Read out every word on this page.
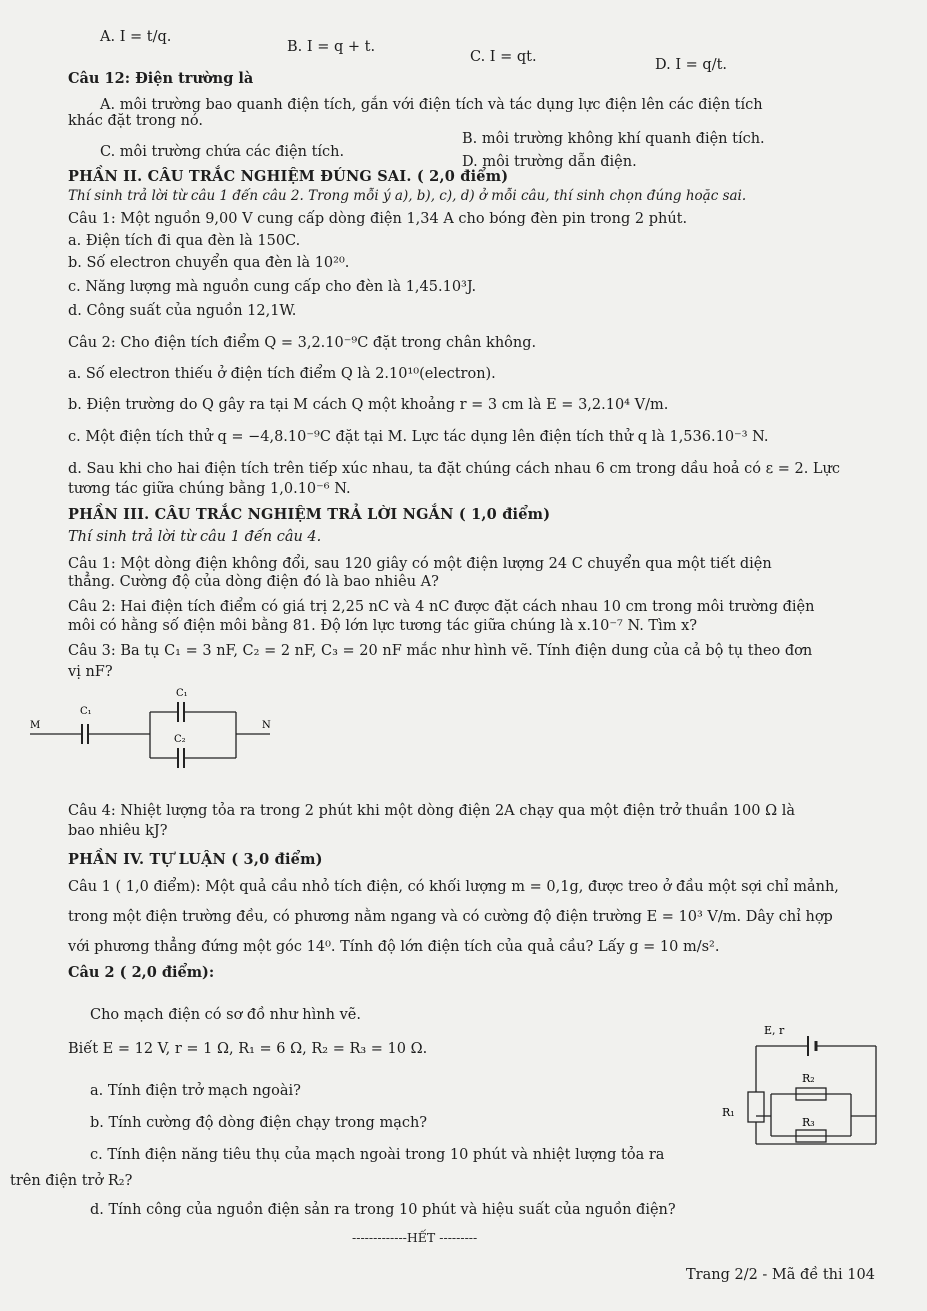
A. I = t/q.
B. I = q + t.
C. I = qt.	D. I = q/t.
Câu 12: Điện trường là
A. môi trường bao quanh điện tích, gắn với điện tích và tác dụng lực điện lên các điện tích
khác đặt trong nó.
B. môi trường không khí quanh điện tích.
C. môi trường chứa các điện tích.
D. môi trường dẫn điện.
PHẦN II. CÂU TRẮC NGHIỆM ĐÚNG SAI. ( 2,0 điểm)
Thí sinh trả lời từ câu 1 đến câu 2. Trong mỗi ý a), b), c), d) ở mỗi câu, thí sinh chọn đúng hoặc sai.
Câu 1: Một nguồn 9,00 V cung cấp dòng điện 1,34 A cho bóng đèn pin trong 2 phút.
a. Điện tích đi qua đèn là 150C.
b. Số electron chuyển qua đèn là 10²⁰.
c. Năng lượng mà nguồn cung cấp cho đèn là 1,45.10³J.
d. Công suất của nguồn 12,1W.
Câu 2: Cho điện tích điểm Q = 3,2.10⁻⁹C đặt trong chân không.
a. Số electron thiếu ở điện tích điểm Q là 2.10¹⁰(electron).
b. Điện trường do Q gây ra tại M cách Q một khoảng r = 3 cm là E = 3,2.10⁴ V/m.
c. Một điện tích thử q = −4,8.10⁻⁹C đặt tại M. Lực tác dụng lên điện tích thử q là 1,536.10⁻³ N.
d. Sau khi cho hai điện tích trên tiếp xúc nhau, ta đặt chúng cách nhau 6 cm trong dầu hoả có ε = 2. Lực
tương tác giữa chúng bằng 1,0.10⁻⁶ N.
PHẦN III. CÂU TRẮC NGHIỆM TRẢ LỜI NGẮN ( 1,0 điểm)
Thí sinh trả lời từ câu 1 đến câu 4.
Câu 1: Một dòng điện không đổi, sau 120 giây có một điện lượng 24 C chuyển qua một tiết diện
thẳng. Cường độ của dòng điện đó là bao nhiêu A?
Câu 2: Hai điện tích điểm có giá trị 2,25 nC và 4 nC được đặt cách nhau 10 cm trong môi trường điện
môi có hằng số điện môi bằng 81. Độ lớn lực tương tác giữa chúng là x.10⁻⁷ N. Tìm x?
Câu 3: Ba tụ C₁ = 3 nF, C₂ = 2 nF, C₃ = 20 nF mắc như hình vẽ. Tính điện dung của cả bộ tụ theo đơn
vị nF?
C₁
C₁
C₂
M	N
Câu 4: Nhiệt lượng tỏa ra trong 2 phút khi một dòng điện 2A chạy qua một điện trở thuần 100 Ω là
bao nhiêu kJ?
PHẦN IV. TỰ LUẬN ( 3,0 điểm)
Câu 1 ( 1,0 điểm): Một quả cầu nhỏ tích điện, có khối lượng m = 0,1g, được treo ở đầu một sợi chỉ mảnh,
trong một điện trường đều, có phương nằm ngang và có cường độ điện trường E = 10³ V/m. Dây chỉ hợp
với phương thẳng đứng một góc 14⁰. Tính độ lớn điện tích của quả cầu? Lấy g = 10 m/s².
Câu 2 ( 2,0 điểm):
Cho mạch điện có sơ đồ như hình vẽ.
Biết E = 12 V, r = 1 Ω, R₁ = 6 Ω, R₂ = R₃ = 10 Ω.
a. Tính điện trở mạch ngoài?
b. Tính cường độ dòng điện chạy trong mạch?
c. Tính điện năng tiêu thụ của mạch ngoài trong 10 phút và nhiệt lượng tỏa ra
trên điện trở R₂?
d. Tính công của nguồn điện sản ra trong 10 phút và hiệu suất của nguồn điện?
E, r
R₂
R₁
R₃
-------------HẾT ---------
Trang 2/2 - Mã đề thi 104
